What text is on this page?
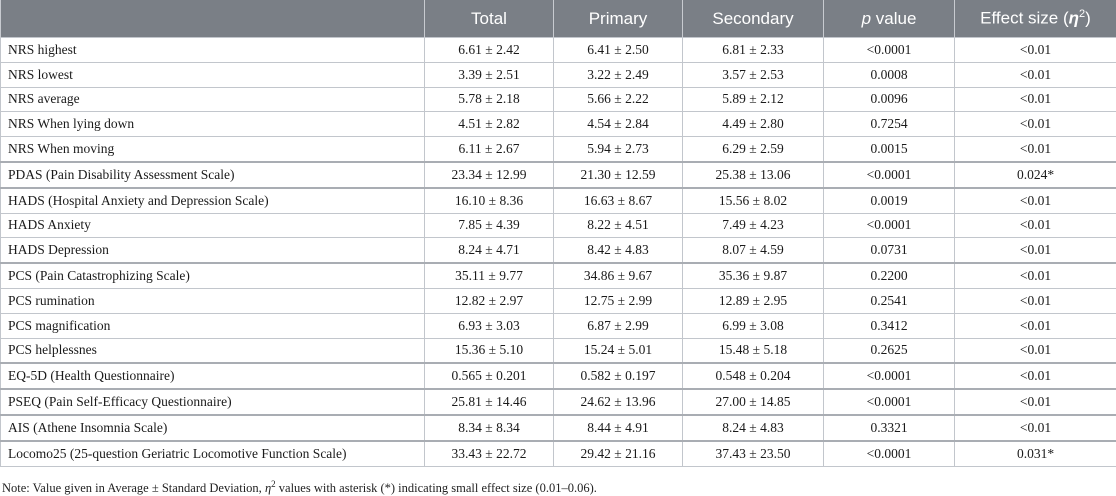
	Total	Primary	Secondary	p value	Effect size $(\eta^2)$
NRS highest	6.61 ± 2.42	6.41 ± 2.50	6.81 ± 2.33	<0.0001	<0.01
NRS lowest	3.39 ± 2.51	3.22 ± 2.49	3.57 ± 2.53	0.0008	<0.01
NRS average	5.78 ± 2.18	5.66 ± 2.22	5.89 ± 2.12	0.0096	<0.01
NRS When lying down	4.51 ± 2.82	4.54 ± 2.84	4.49 ± 2.80	0.7254	<0.01
NRS When moving	6.11 ± 2.67	5.94 ± 2.73	6.29 ± 2.59	0.0015	<0.01
PDAS (Pain Disability Assessment Scale)	23.34 ± 12.99	21.30 ± 12.59	25.38 ± 13.06	<0.0001	0.024*
HADS (Hospital Anxiety and Depression Scale)	16.10 ± 8.36	16.63 ± 8.67	15.56 ± 8.02	0.0019	<0.01
HADS Anxiety	7.85 ± 4.39	8.22 ± 4.51	7.49 ± 4.23	<0.0001	<0.01
HADS Depression	8.24 ± 4.71	8.42 ± 4.83	8.07 ± 4.59	0.0731	<0.01
PCS (Pain Catastrophizing Scale)	35.11 ± 9.77	34.86 ± 9.67	35.36 ± 9.87	0.2200	<0.01
PCS rumination	12.82 ± 2.97	12.75 ± 2.99	12.89 ± 2.95	0.2541	<0.01
PCS magnification	6.93 ± 3.03	6.87 ± 2.99	6.99 ± 3.08	0.3412	<0.01
PCS helplessnes	15.36 ± 5.10	15.24 ± 5.01	15.48 ± 5.18	0.2625	<0.01
EQ-5D (Health Questionnaire)	0.565 ± 0.201	0.582 ± 0.197	0.548 ± 0.204	<0.0001	<0.01
PSEQ (Pain Self-Efficacy Questionnaire)	25.81 ± 14.46	24.62 ± 13.96	27.00 ± 14.85	<0.0001	<0.01
AIS (Athene Insomnia Scale)	8.34 ± 8.34	8.44 ± 4.91	8.24 ± 4.83	0.3321	<0.01
Locomo25 (25-question Geriatric Locomotive Function Scale)	33.43 ± 22.72	29.42 ± 21.16	37.43 ± 23.50	<0.0001	0.031*
Note: Value given in Average ± Standard Deviation, $\eta^2$ values with asterisk (*) indicating small effect size (0.01–0.06).
